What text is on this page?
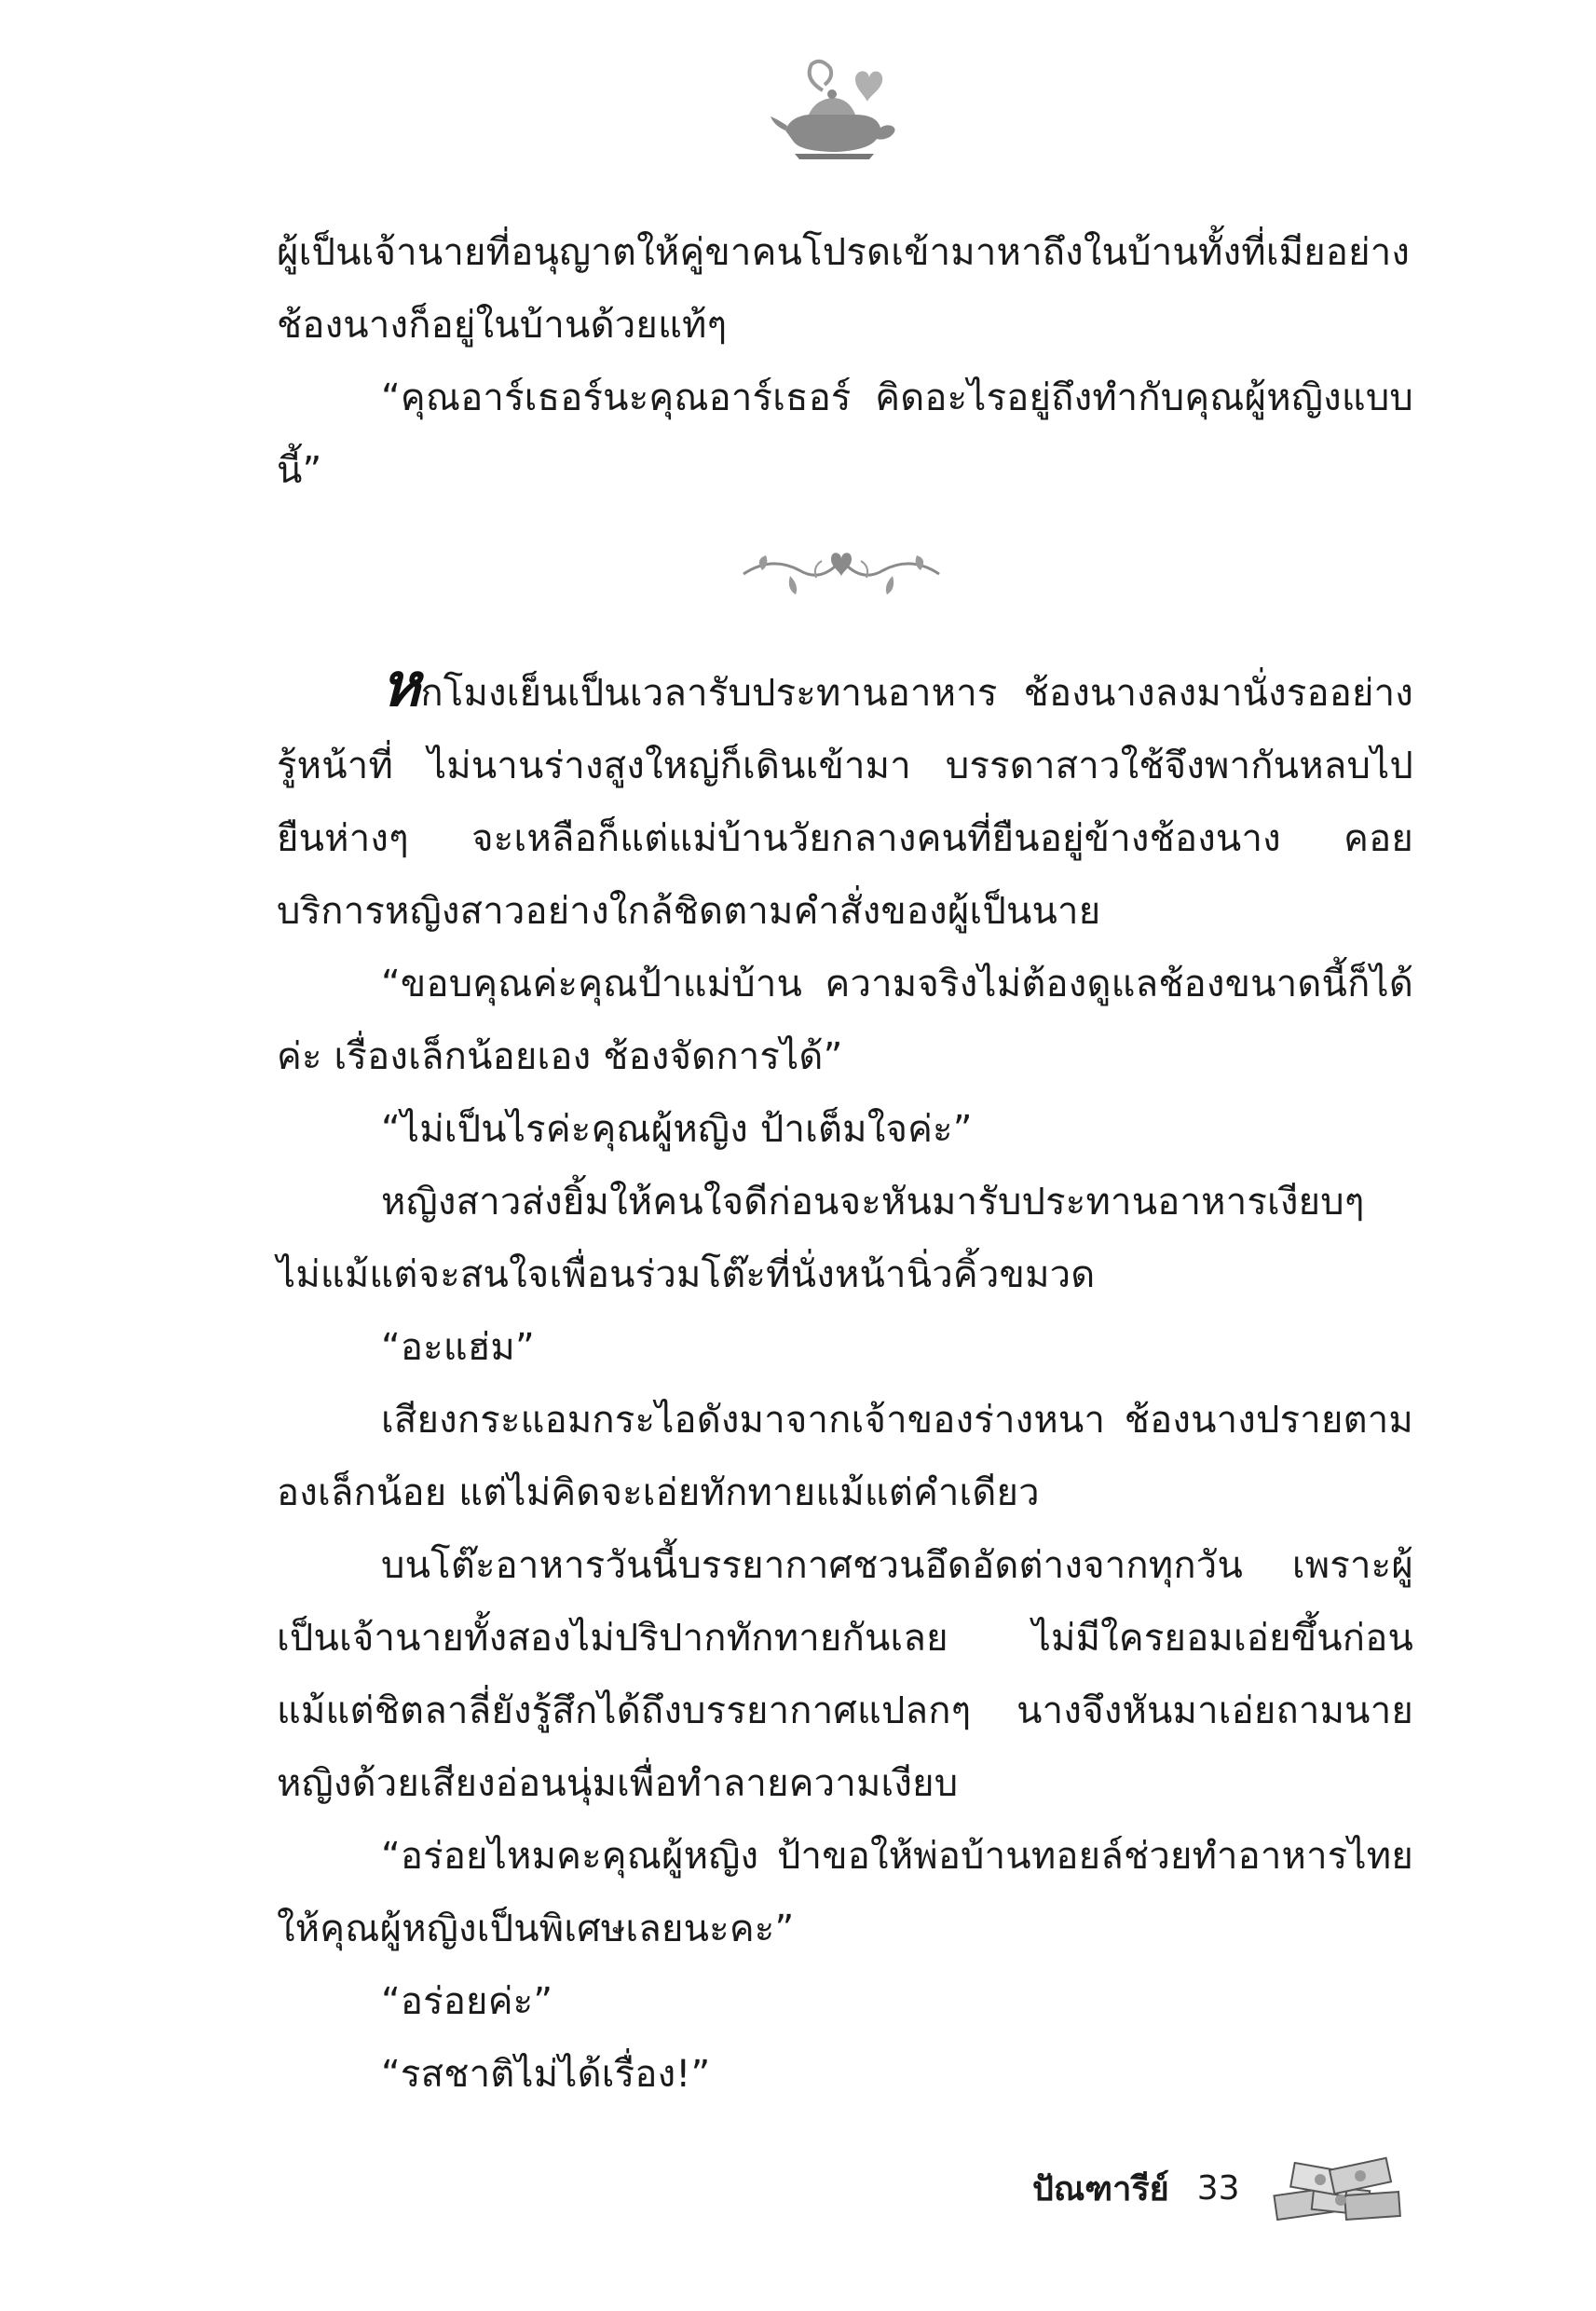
ผู้เป็นเจ้านายที่อนุญาตให้คู่ขาคนโปรดเข้ามาหาถึงในบ้านทั้งที่เมียอย่างช้องนางก็อยู่ในบ้านด้วยแท้ๆ

“คุณอาร์เธอร์นะคุณอาร์เธอร์ คิดอะไรอยู่ถึงทำกับคุณผู้หญิงแบบนี้”

หกโมงเย็นเป็นเวลารับประทานอาหาร ช้องนางลงมานั่งรออย่างรู้หน้าที่ ไม่นานร่างสูงใหญ่ก็เดินเข้ามา บรรดาสาวใช้จึงพากันหลบไปยืนห่างๆ จะเหลือก็แต่แม่บ้านวัยกลางคนที่ยืนอยู่ข้างช้องนาง คอยบริการหญิงสาวอย่างใกล้ชิดตามคำสั่งของผู้เป็นนาย

“ขอบคุณค่ะคุณป้าแม่บ้าน ความจริงไม่ต้องดูแลช้องขนาดนี้ก็ได้ค่ะ เรื่องเล็กน้อยเอง ช้องจัดการได้”

“ไม่เป็นไรค่ะคุณผู้หญิง ป้าเต็มใจค่ะ”

หญิงสาวส่งยิ้มให้คนใจดีก่อนจะหันมารับประทานอาหารเงียบๆ ไม่แม้แต่จะสนใจเพื่อนร่วมโต๊ะที่นั่งหน้านิ่วคิ้วขมวด

“อะแฮ่ม”

เสียงกระแอมกระไอดังมาจากเจ้าของร่างหนา ช้องนางปรายตามองเล็กน้อย แต่ไม่คิดจะเอ่ยทักทายแม้แต่คำเดียว

บนโต๊ะอาหารวันนี้บรรยากาศชวนอึดอัดต่างจากทุกวัน เพราะผู้เป็นเจ้านายทั้งสองไม่ปริปากทักทายกันเลย ไม่มีใครยอมเอ่ยขึ้นก่อน แม้แต่ชิตลาลี่ยังรู้สึกได้ถึงบรรยากาศแปลกๆ นางจึงหันมาเอ่ยถามนายหญิงด้วยเสียงอ่อนนุ่มเพื่อทำลายความเงียบ

“อร่อยไหมคะคุณผู้หญิง ป้าขอให้พ่อบ้านทอยล์ช่วยทำอาหารไทยให้คุณผู้หญิงเป็นพิเศษเลยนะคะ”

“อร่อยค่ะ”

“รสชาติไม่ได้เรื่อง!”

ปัณฑารีย์ 33
